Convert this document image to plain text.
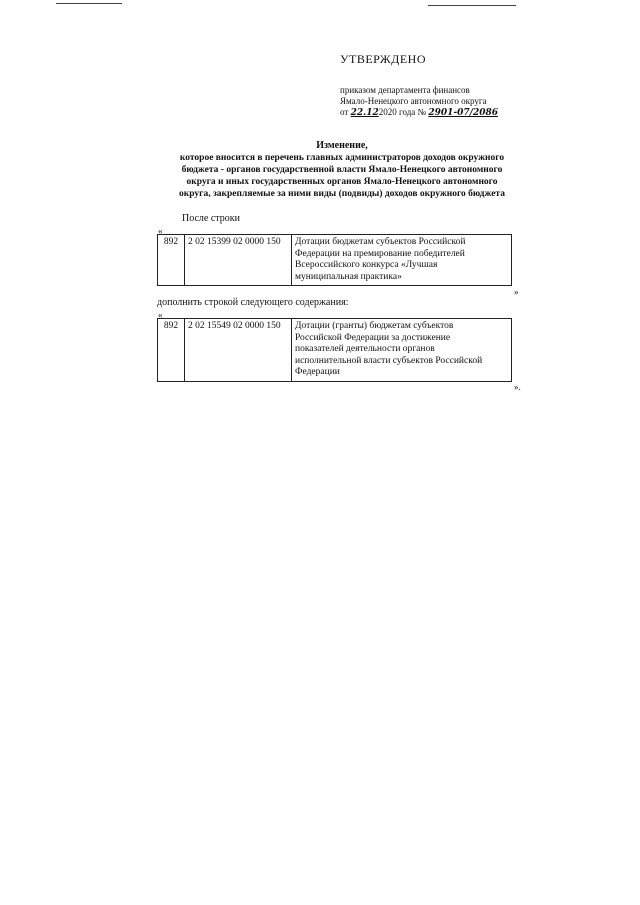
УТВЕРЖДЕНО
приказом департамента финансов
Ямало-Ненецкого автономного округа
от 22.122020 года № 2901-07/2086
Изменение,
которое вносится в перечень главных администраторов доходов окружного
бюджета - органов государственной власти Ямало-Ненецкого автономного
округа и иных государственных органов Ямало-Ненецкого автономного
округа, закрепляемые за ними виды (подвиды) доходов окружного бюджета
После строки
«
892	2 02 15399 02 0000 150	Дотации бюджетам субъектов Российской
Федерации на премирование победителей
Всероссийского конкурса «Лучшая
муниципальная практика»
»
дополнить строкой следующего содержания:
«
892	2 02 15549 02 0000 150	Дотации (гранты) бюджетам субъектов
Российской Федерации за достижение
показателей деятельности органов
исполнительной власти субъектов Российской
Федерации
».
